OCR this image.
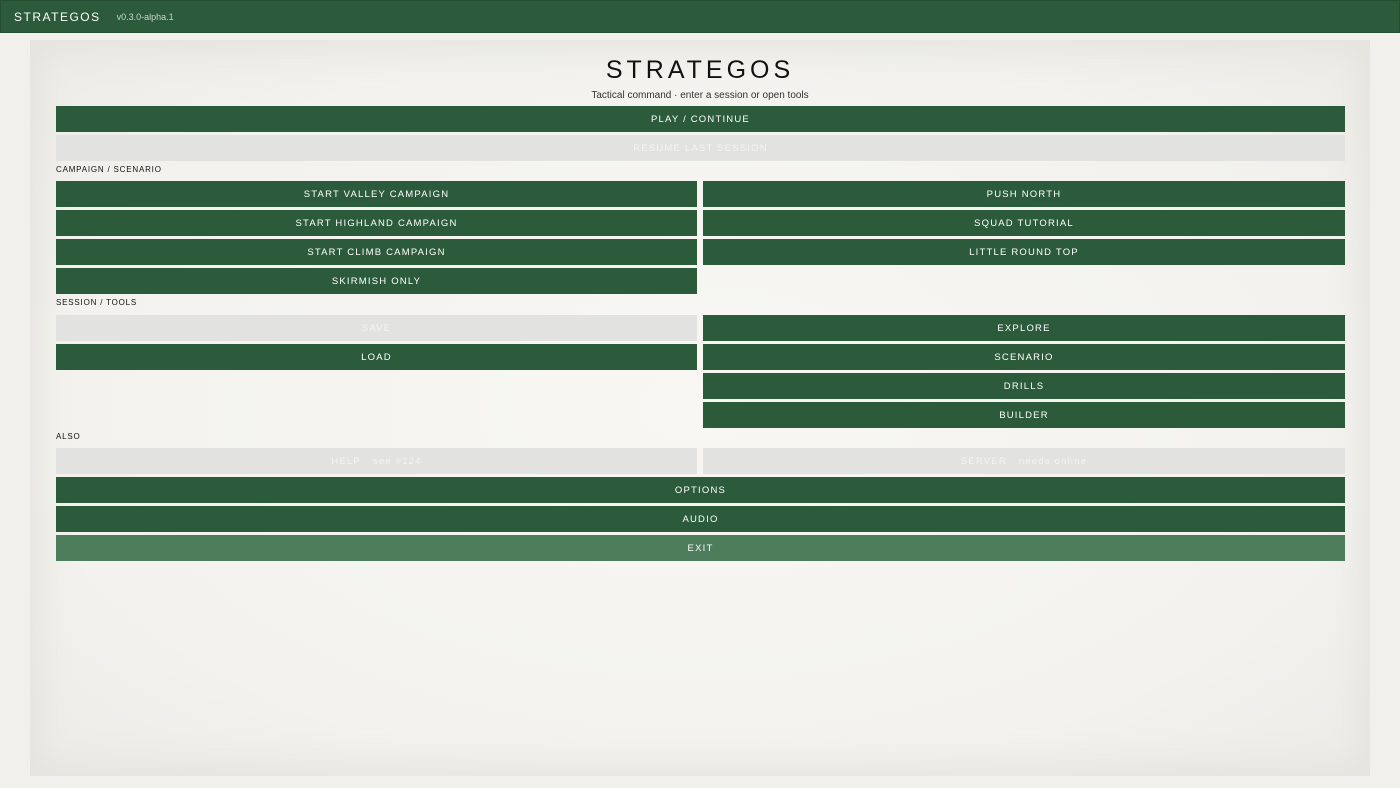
STRATEGOS v0.3.0-alpha.1
STRATEGOS
Tactical command · enter a session or open tools
PLAY / CONTINUE
RESUME LAST SESSION
CAMPAIGN / SCENARIO
START VALLEY CAMPAIGN
START HIGHLAND CAMPAIGN
START CLIMB CAMPAIGN
SKIRMISH ONLY
PUSH NORTH
SQUAD TUTORIAL
LITTLE ROUND TOP
SESSION / TOOLS
SAVE
LOAD
EXPLORE
SCENARIO
DRILLS
BUILDER
ALSO
HELP see #124	SERVER needs online
OPTIONS
AUDIO
EXIT
